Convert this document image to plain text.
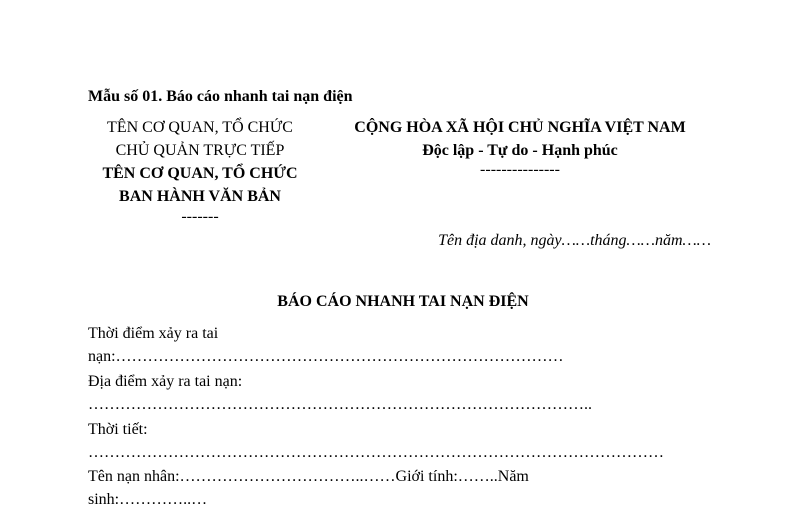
Mẫu số 01. Báo cáo nhanh tai nạn điện
TÊN CƠ QUAN, TỔ CHỨC
CHỦ QUẢN TRỰC TIẾP
TÊN CƠ QUAN, TỔ CHỨC
BAN HÀNH VĂN BẢN
-------
CỘNG HÒA XÃ HỘI CHỦ NGHĨA VIỆT NAM
Độc lập - Tự do - Hạnh phúc
---------------
Tên địa danh, ngày……tháng……năm……
BÁO CÁO NHANH TAI NẠN ĐIỆN
Thời điểm xảy ra tai
nạn:…………………………………………………………………………
Địa điểm xảy ra tai nạn:
…………………………………………………………………………………..
Thời tiết:
………………………………………………………………………………………………
Tên nạn nhân:……………………………..……Giới tính:……..Năm
sinh:…………..…
